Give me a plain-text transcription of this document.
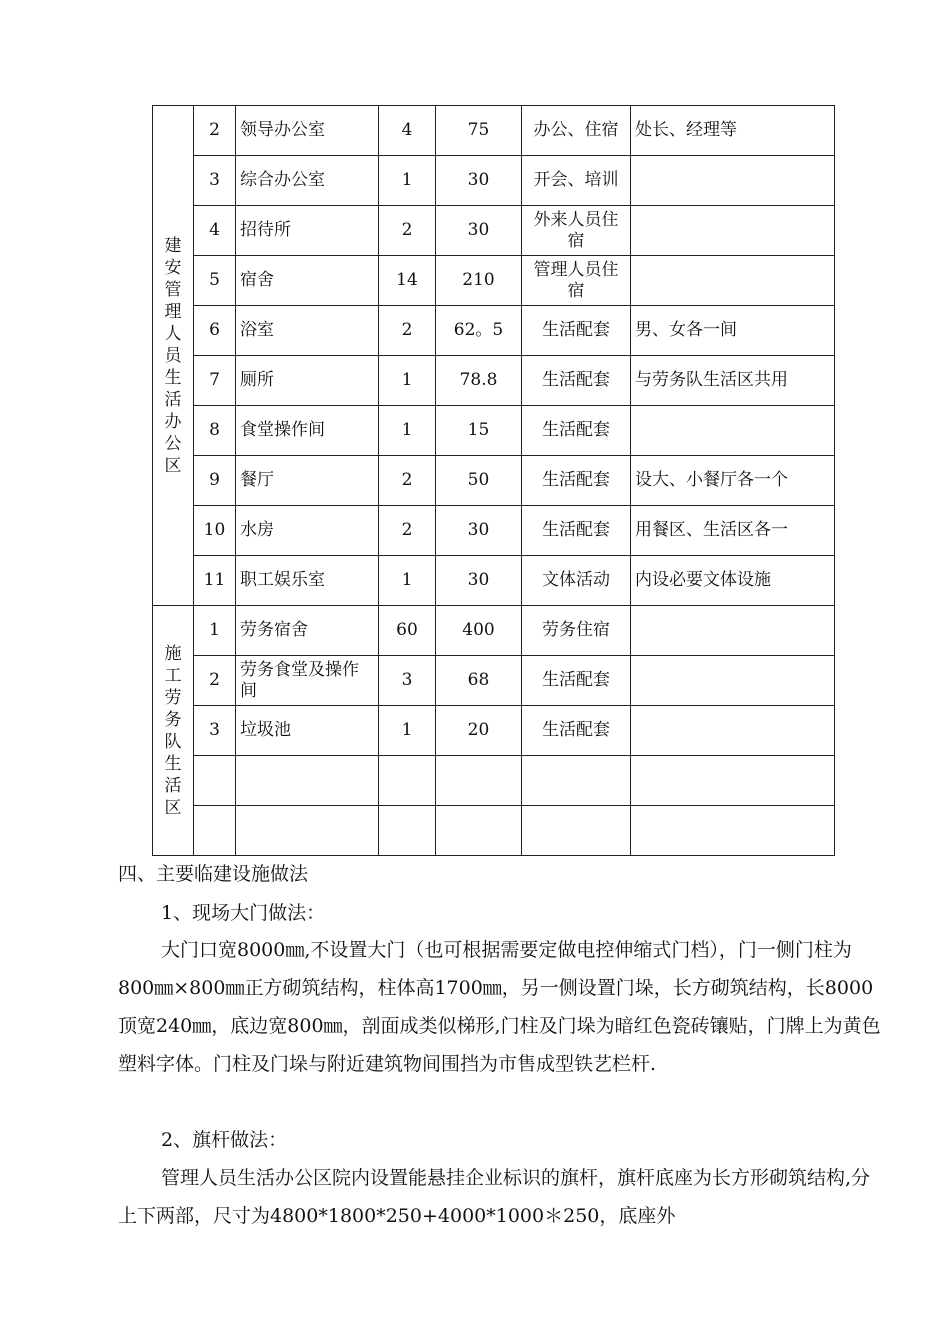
建安管理人员生活办公区	2	领导办公室	4	75	办公、住宿	处长、经理等
	3	综合办公室	1	30	开会、培训	
	4	招待所	2	30	外来人员住宿	
	5	宿舍	14	210	管理人员住宿	
	6	浴室	2	62。5	生活配套	男、女各一间
	7	厕所	1	78.8	生活配套	与劳务队生活区共用
	8	食堂操作间	1	15	生活配套	
	9	餐厅	2	50	生活配套	设大、小餐厅各一个
	10	水房	2	30	生活配套	用餐区、生活区各一
	11	职工娱乐室	1	30	文体活动	内设必要文体设施
施工劳务队生活区	1	劳务宿舍	60	400	劳务住宿	
	2	劳务食堂及操作间	3	68	生活配套	
	3	垃圾池	1	20	生活配套	

四、主要临建设施做法
1、现场大门做法：
大门口宽8000㎜,不设置大门（也可根据需要定做电控伸缩式门档），门一侧门柱为800㎜×800㎜正方砌筑结构，柱体高1700㎜，另一侧设置门垛，长方砌筑结构，长8000顶宽240㎜，底边宽800㎜，剖面成类似梯形,门柱及门垛为暗红色瓷砖镶贴，门牌上为黄色塑料字体。门柱及门垛与附近建筑物间围挡为市售成型铁艺栏杆.
2、旗杆做法：
管理人员生活办公区院内设置能悬挂企业标识的旗杆，旗杆底座为长方形砌筑结构,分上下两部，尺寸为4800*1800*250+4000*1000＊250，底座外
